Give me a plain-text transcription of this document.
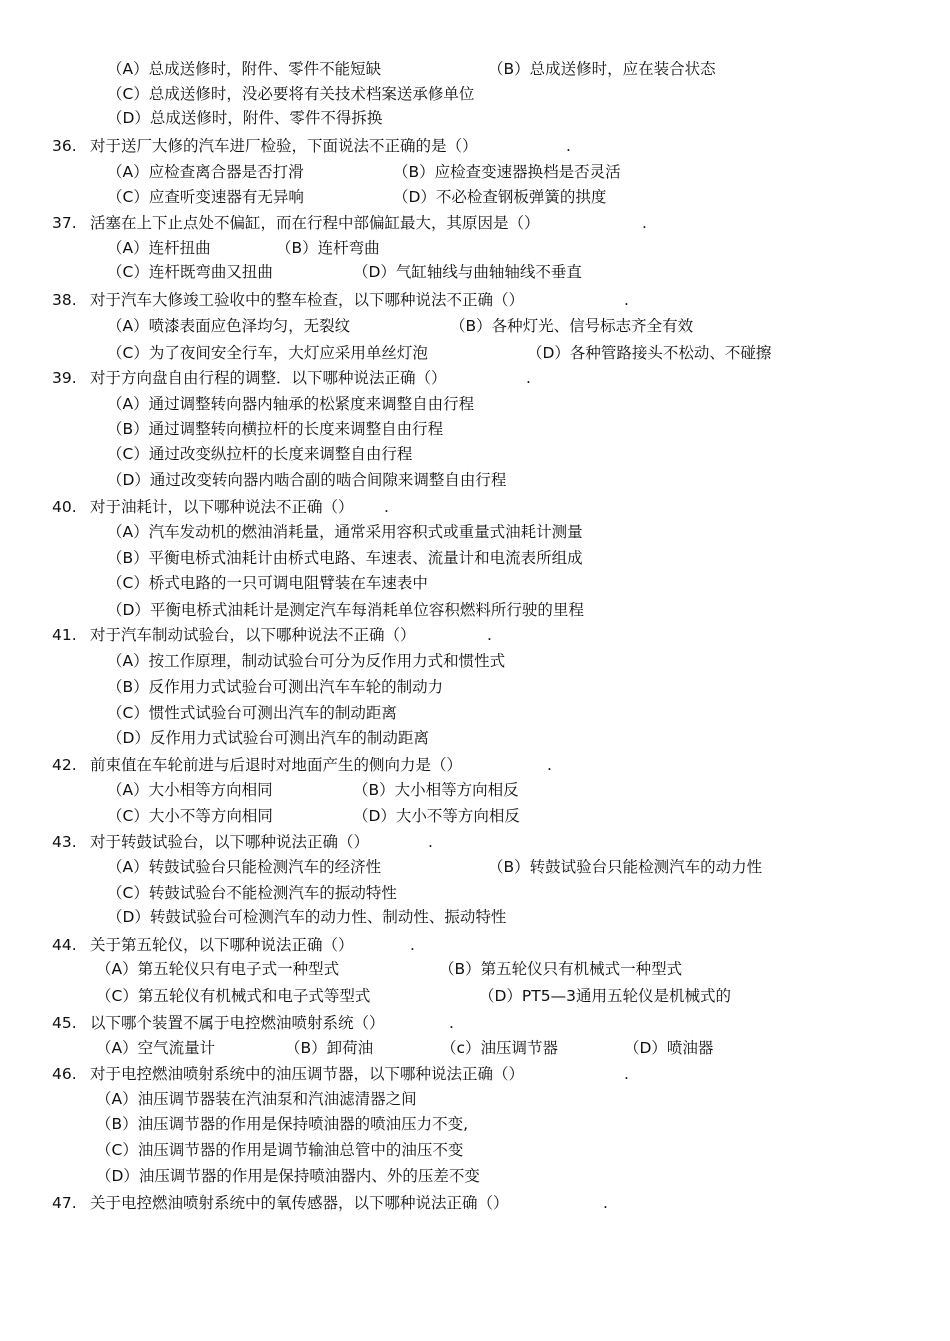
（A）总成送修时，附件、零件不能短缺	（B）总成送修时，应在装合状态
（C）总成送修时，没必要将有关技术档案送承修单位
（D）总成送修时，附件、零件不得拆换
36. 对于送厂大修的汽车进厂检验，下面说法不正确的是（）	.
（A）应检查离合器是否打滑	（B）应检查变速器换档是否灵活
（C）应查听变速器有无异响	（D）不必检查钢板弹簧的拱度
37. 活塞在上下止点处不偏缸，而在行程中部偏缸最大，其原因是（）	.
（A）连杆扭曲	（B）连杆弯曲
（C）连杆既弯曲又扭曲	（D）气缸轴线与曲轴轴线不垂直
38. 对于汽车大修竣工验收中的整车检查，以下哪种说法不正确（）	.
（A）喷漆表面应色泽均匀，无裂纹	（B）各种灯光、信号标志齐全有效
（C）为了夜间安全行车，大灯应采用单丝灯泡	（D）各种管路接头不松动、不碰擦
39. 对于方向盘自由行程的调整．以下哪种说法正确（）	.
（A）通过调整转向器内轴承的松紧度来调整自由行程
（B）通过调整转向横拉杆的长度来调整自由行程
（C）通过改变纵拉杆的长度来调整自由行程
（D）通过改变转向器内啮合副的啮合间隙来调整自由行程
40. 对于油耗计，以下哪种说法不正确（） .
（A）汽车发动机的燃油消耗量，通常采用容积式或重量式油耗计测量
（B）平衡电桥式油耗计由桥式电路、车速表、流量计和电流表所组成
（C）桥式电路的一只可调电阻臂装在车速表中
（D）平衡电桥式油耗计是测定汽车每消耗单位容积燃料所行驶的里程
41. 对于汽车制动试验台，以下哪种说法不正确（）	.
（A）按工作原理，制动试验台可分为反作用力式和惯性式
（B）反作用力式试验台可测出汽车车轮的制动力
（C）惯性式试验台可测出汽车的制动距离
（D）反作用力式试验台可测出汽车的制动距离
42. 前束值在车轮前进与后退时对地面产生的侧向力是（）	.
（A）大小相等方向相同	（B）大小相等方向相反
（C）大小不等方向相同	（D）大小不等方向相反
43. 对于转鼓试验台，以下哪种说法正确（）	.
（A）转鼓试验台只能检测汽车的经济性	（B）转鼓试验台只能检测汽车的动力性
（C）转鼓试验台不能检测汽车的振动特性
（D）转鼓试验台可检测汽车的动力性、制动性、振动特性
44. 关于第五轮仪，以下哪种说法正确（）	.
（A）第五轮仪只有电子式一种型式	（B）第五轮仪只有机械式一种型式
（C）第五轮仪有机械式和电子式等型式	（D）PT5—3通用五轮仪是机械式的
45. 以下哪个装置不属于电控燃油喷射系统（）	.
（A）空气流量计	（B）卸荷油	（c）油压调节器	（D）喷油器
46. 对于电控燃油喷射系统中的油压调节器，以下哪种说法正确（）	.
（A）油压调节器装在汽油泵和汽油滤清器之间
（B）油压调节器的作用是保持喷油器的喷油压力不变,
（C）油压调节器的作用是调节输油总管中的油压不变
（D）油压调节器的作用是保持喷油器内、外的压差不变
47. 关于电控燃油喷射系统中的氧传感器，以下哪种说法正确（）	.
